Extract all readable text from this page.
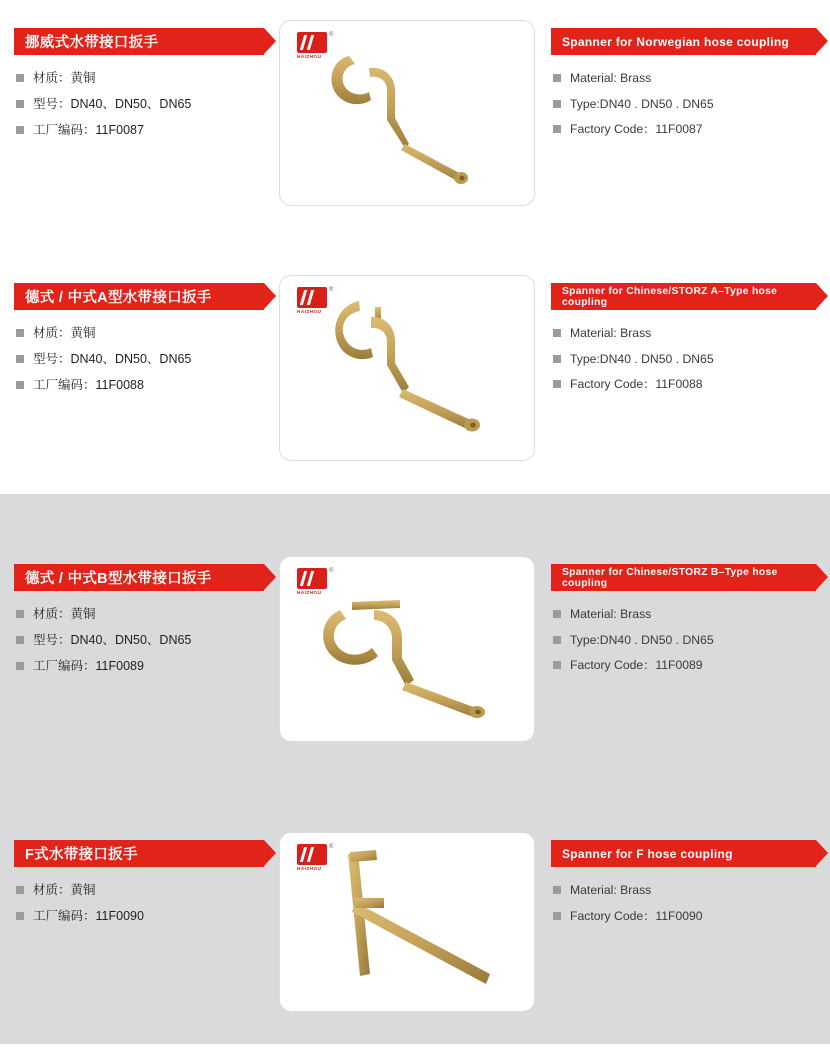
挪威式水带接口扳手
材质：黄铜
型号：DN40、DN50、DN65
工厂编码：11F0087
®
HAIZHOU
Spanner for Norwegian hose coupling
Material: Brass
Type:DN40 . DN50 . DN65
Factory Code：11F0087
德式 / 中式A型水带接口扳手
材质：黄铜
型号：DN40、DN50、DN65
工厂编码：11F0088
®
HAIZHOU
Spanner for Chinese/STORZ A–Type hose coupling
Material: Brass
Type:DN40 . DN50 . DN65
Factory Code：11F0088
德式 / 中式B型水带接口扳手
材质：黄铜
型号：DN40、DN50、DN65
工厂编码：11F0089
®
HAIZHOU
Spanner for Chinese/STORZ B–Type hose coupling
Material: Brass
Type:DN40 . DN50 . DN65
Factory Code：11F0089
F式水带接口扳手
材质：黄铜
工厂编码：11F0090
®
HAIZHOU
Spanner for F hose coupling
Material: Brass
Factory Code：11F0090
